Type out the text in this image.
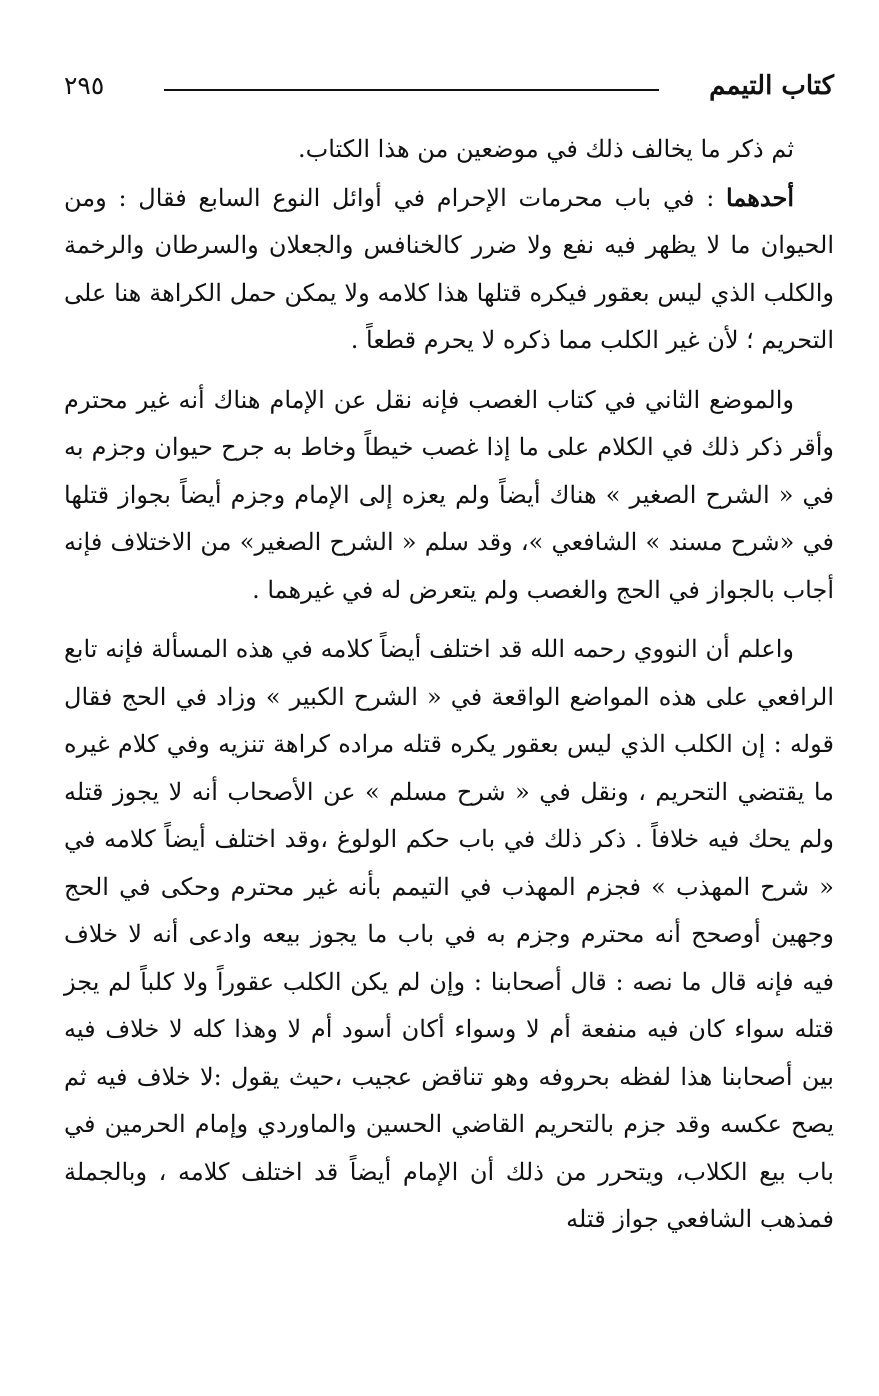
كتاب التيمم
٢٩٥

ثم ذكر ما يخالف ذلك في موضعين من هذا الكتاب.

أحدهما : في باب محرمات الإحرام في أوائل النوع السابع فقال : ومن الحيوان ما لا يظهر فيه نفع ولا ضرر كالخنافس والجعلان والسرطان والرخمة والكلب الذي ليس بعقور فيكره قتلها هذا كلامه ولا يمكن حمل الكراهة هنا على التحريم ؛ لأن غير الكلب مما ذكره لا يحرم قطعاً .

والموضع الثاني في كتاب الغصب فإنه نقل عن الإمام هناك أنه غير محترم وأقر ذكر ذلك في الكلام على ما إذا غصب خيطاً وخاط به جرح حيوان وجزم به في « الشرح الصغير » هناك أيضاً ولم يعزه إلى الإمام وجزم أيضاً بجواز قتلها في «شرح مسند » الشافعي »، وقد سلم « الشرح الصغير» من الاختلاف فإنه أجاب بالجواز في الحج والغصب ولم يتعرض له في غيرهما .

واعلم أن النووي رحمه الله قد اختلف أيضاً كلامه في هذه المسألة فإنه تابع الرافعي على هذه المواضع الواقعة في « الشرح الكبير » وزاد في الحج فقال قوله : إن الكلب الذي ليس بعقور يكره قتله مراده كراهة تنزيه وفي كلام غيره ما يقتضي التحريم ، ونقل في « شرح مسلم » عن الأصحاب أنه لا يجوز قتله ولم يحك فيه خلافاً . ذكر ذلك في باب حكم الولوغ ،وقد اختلف أيضاً كلامه في « شرح المهذب » فجزم المهذب في التيمم بأنه غير محترم وحكى في الحج وجهين أوصحح أنه محترم وجزم به في باب ما يجوز بيعه وادعى أنه لا خلاف فيه فإنه قال ما نصه : قال أصحابنا : وإن لم يكن الكلب عقوراً ولا كلباً لم يجز قتله سواء كان فيه منفعة أم لا وسواء أكان أسود أم لا وهذا كله لا خلاف فيه بين أصحابنا هذا لفظه بحروفه وهو تناقض عجيب ،حيث يقول :لا خلاف فيه ثم يصح عكسه وقد جزم بالتحريم القاضي الحسين والماوردي وإمام الحرمين في باب بيع الكلاب، ويتحرر من ذلك أن الإمام أيضاً قد اختلف كلامه ، وبالجملة فمذهب الشافعي جواز قتله
